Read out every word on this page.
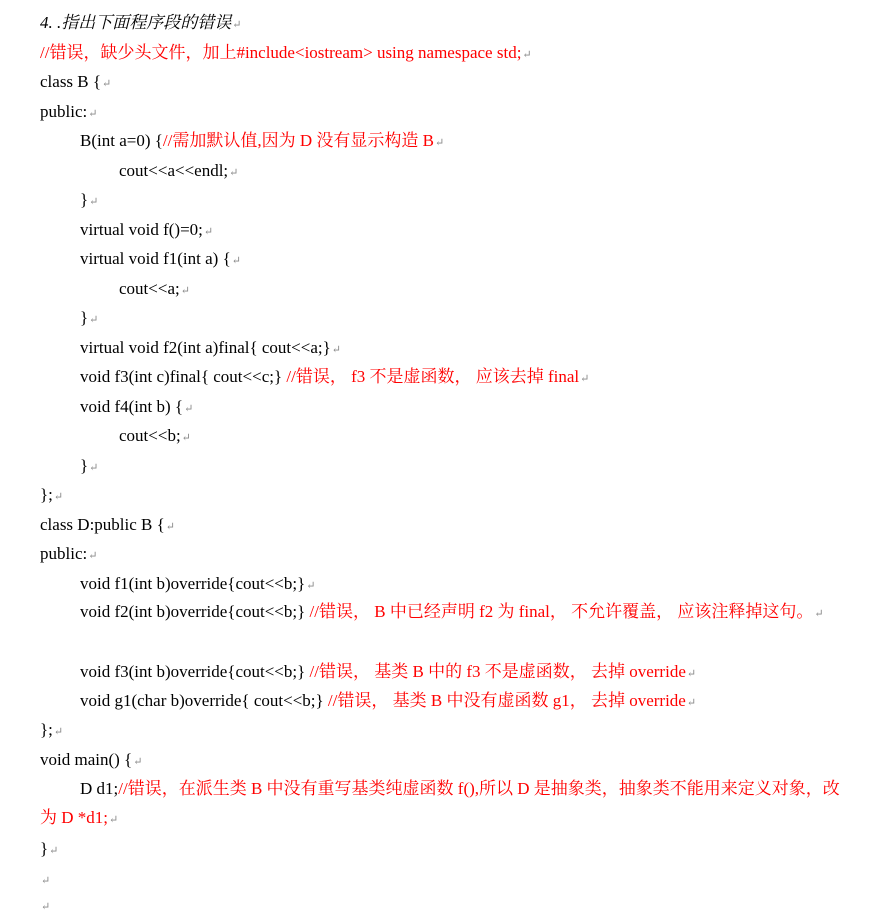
4. .指出下面程序段的错误↵
//错误，缺少头文件，加上#include<iostream> using namespace std;↵
class B {↵
public:↵
B(int a=0) {//需加默认值,因为 D 没有显示构造 B↵
cout<<a<<endl;↵
}↵
virtual void f()=0;↵
virtual void f1(int a) {↵
cout<<a;↵
}↵
virtual void f2(int a)final{ cout<<a;}↵
void f3(int c)final{ cout<<c;} //错误， f3 不是虚函数， 应该去掉 final↵
void f4(int b) {↵
cout<<b;↵
}↵
};↵
class D:public B {↵
public:↵
void f1(int b)override{cout<<b;}↵
void f2(int b)override{cout<<b;} //错误， B 中已经声明 f2 为 final， 不允许覆盖， 应该注释掉这句。↵
void f3(int b)override{cout<<b;} //错误， 基类 B 中的 f3 不是虚函数， 去掉 override↵
void g1(char b)override{ cout<<b;} //错误， 基类 B 中没有虚函数 g1， 去掉 override↵
};↵
void main() {↵
D d1;//错误，在派生类 B 中没有重写基类纯虚函数 f(),所以 D 是抽象类，抽象类不能用来定义对象，改为 D *d1;↵
}↵
↵
↵
